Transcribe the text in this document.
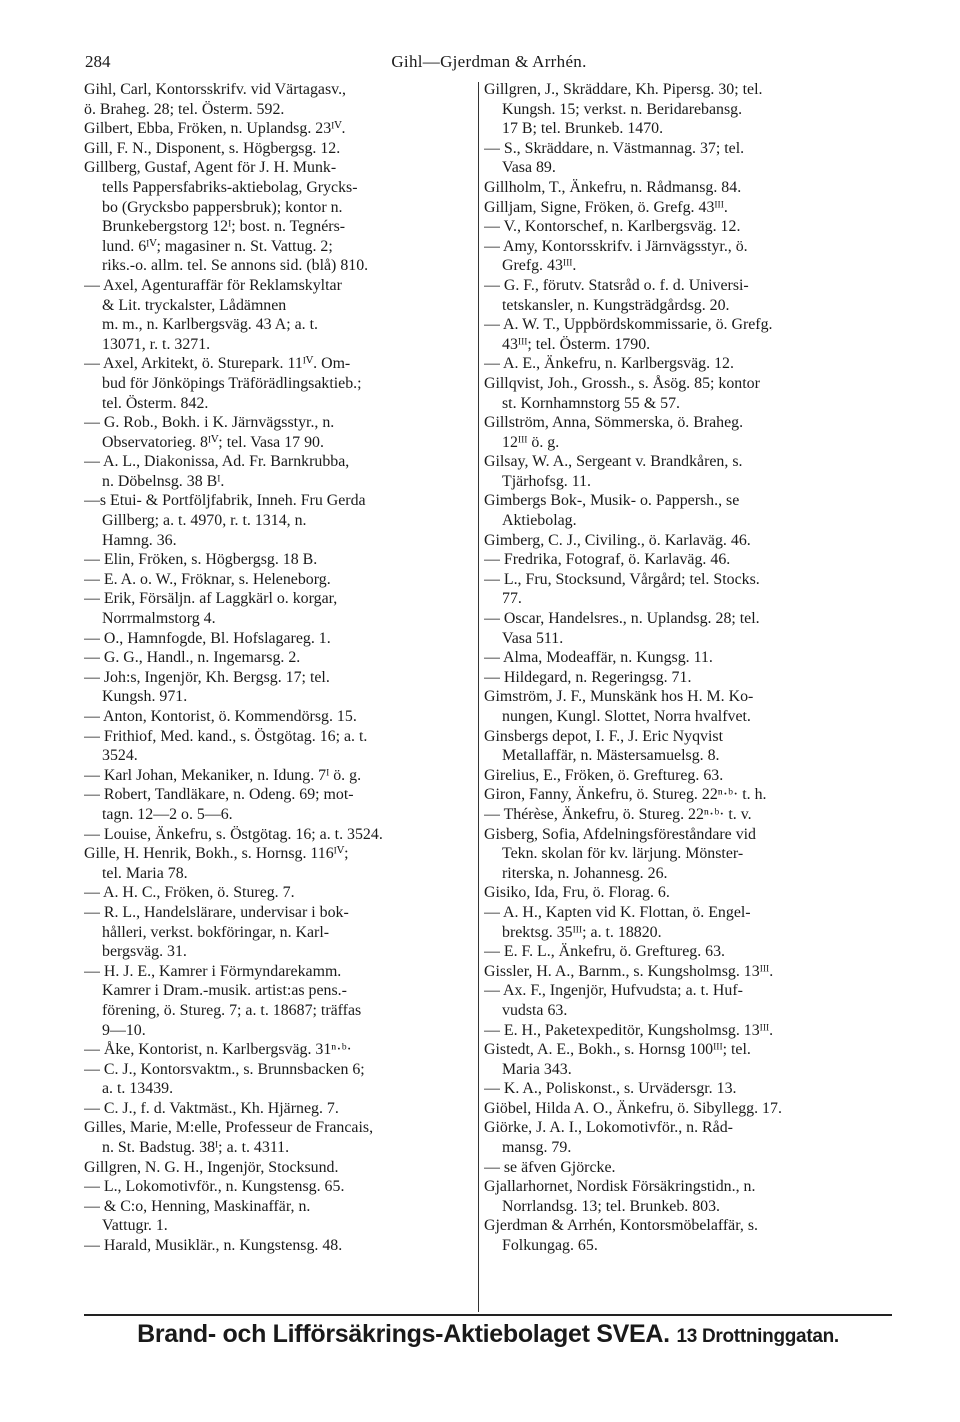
284	Gihl—Gjerdman & Arrhén.
Gihl, Carl, Kontorsskrifv. vid Värtagasv.,
ö. Braheg. 28; tel. Österm. 592.
Gilbert, Ebba, Fröken, n. Uplandsg. 23ᴵⱽ.
Gill, F. N., Disponent, s. Högbergsg. 12.
Gillberg, Gustaf, Agent för J. H. Munk-
tells Pappersfabriks-aktiebolag, Grycks-
bo (Grycksbo pappersbruk); kontor n.
Brunkebergstorg 12ᴵ; bost. n. Tegnérs-
lund. 6ᴵⱽ; magasiner n. St. Vattug. 2;
riks.-o. allm. tel. Se annons sid. (blå) 810.
— Axel, Agenturaffär för Reklamskyltar
& Lit. tryckalster, Lådämnen
m. m., n. Karlbergsväg. 43 A; a. t.
13071, r. t. 3271.
— Axel, Arkitekt, ö. Sturepark. 11ᴵⱽ. Om-
bud för Jönköpings Träförädlingsaktieb.;
tel. Österm. 842.
— G. Rob., Bokh. i K. Järnvägsstyr., n.
Observatorieg. 8ᴵⱽ; tel. Vasa 17 90.
— A. L., Diakonissa, Ad. Fr. Barnkrubba,
n. Döbelnsg. 38 Bᴵ.
—s Etui- & Portföljfabrik, Inneh. Fru Gerda
Gillberg; a. t. 4970, r. t. 1314, n.
Hamng. 36.
— Elin, Fröken, s. Högbergsg. 18 B.
— E. A. o. W., Fröknar, s. Heleneborg.
— Erik, Försäljn. af Laggkärl o. korgar,
Norrmalmstorg 4.
— O., Hamnfogde, Bl. Hofslagareg. 1.
— G. G., Handl., n. Ingemarsg. 2.
— Joh:s, Ingenjör, Kh. Bergsg. 17; tel.
Kungsh. 971.
— Anton, Kontorist, ö. Kommendörsg. 15.
— Frithiof, Med. kand., s. Östgötag. 16; a. t.
3524.
— Karl Johan, Mekaniker, n. Idung. 7ᴵ ö. g.
— Robert, Tandläkare, n. Odeng. 69; mot-
tagn. 12—2 o. 5—6.
— Louise, Änkefru, s. Östgötag. 16; a. t. 3524.
Gille, H. Henrik, Bokh., s. Hornsg. 116ᴵⱽ;
tel. Maria 78.
— A. H. C., Fröken, ö. Stureg. 7.
— R. L., Handelslärare, undervisar i bok-
hålleri, verkst. bokföringar, n. Karl-
bergsväg. 31.
— H. J. E., Kamrer i Förmyndarekamm.
Kamrer i Dram.-musik. artist:as pens.-
förening, ö. Stureg. 7; a. t. 18687; träffas
9—10.
— Åke, Kontorist, n. Karlbergsväg. 31ⁿ·ᵇ·
— C. J., Kontorsvaktm., s. Brunnsbacken 6;
a. t. 13439.
— C. J., f. d. Vaktmäst., Kh. Hjärneg. 7.
Gilles, Marie, M:elle, Professeur de Francais,
n. St. Badstug. 38ᴵ; a. t. 4311.
Gillgren, N. G. H., Ingenjör, Stocksund.
— L., Lokomotivför., n. Kungstensg. 65.
— & C:o, Henning, Maskinaffär, n.
Vattugr. 1.
— Harald, Musiklär., n. Kungstensg. 48.
Gillgren, J., Skräddare, Kh. Pipersg. 30; tel.
Kungsh. 15; verkst. n. Beridarebansg.
17 B; tel. Brunkeb. 1470.
— S., Skräddare, n. Västmannag. 37; tel.
Vasa 89.
Gillholm, T., Änkefru, n. Rådmansg. 84.
Gilljam, Signe, Fröken, ö. Grefg. 43ᴵᴵᴵ.
— V., Kontorschef, n. Karlbergsväg. 12.
— Amy, Kontorsskrifv. i Järnvägsstyr., ö.
Grefg. 43ᴵᴵᴵ.
— G. F., förutv. Statsråd o. f. d. Universi-
tetskansler, n. Kungsträdgårdsg. 20.
— A. W. T., Uppbördskommissarie, ö. Grefg.
43ᴵᴵᴵ; tel. Österm. 1790.
— A. E., Änkefru, n. Karlbergsväg. 12.
Gillqvist, Joh., Grossh., s. Åsög. 85; kontor
st. Kornhamnstorg 55 & 57.
Gillström, Anna, Sömmerska, ö. Braheg.
12ᴵᴵᴵ ö. g.
Gilsay, W. A., Sergeant v. Brandkåren, s.
Tjärhofsg. 11.
Gimbergs Bok-, Musik- o. Pappersh., se
Aktiebolag.
Gimberg, C. J., Civiling., ö. Karlaväg. 46.
— Fredrika, Fotograf, ö. Karlaväg. 46.
— L., Fru, Stocksund, Vårgård; tel. Stocks.
77.
— Oscar, Handelsres., n. Uplandsg. 28; tel.
Vasa 511.
— Alma, Modeaffär, n. Kungsg. 11.
— Hildegard, n. Regeringsg. 71.
Gimström, J. F., Munskänk hos H. M. Ko-
nungen, Kungl. Slottet, Norra hvalfvet.
Ginsbergs depot, I. F., J. Eric Nyqvist
Metallaffär, n. Mästersamuelsg. 8.
Girelius, E., Fröken, ö. Greftureg. 63.
Giron, Fanny, Änkefru, ö. Stureg. 22ⁿ·ᵇ· t. h.
— Thérèse, Änkefru, ö. Stureg. 22ⁿ·ᵇ· t. v.
Gisberg, Sofia, Afdelningsföreståndare vid
Tekn. skolan för kv. lärjung. Mönster-
riterska, n. Johannesg. 26.
Gisiko, Ida, Fru, ö. Florag. 6.
— A. H., Kapten vid K. Flottan, ö. Engel-
brektsg. 35ᴵᴵᴵ; a. t. 18820.
— E. F. L., Änkefru, ö. Greftureg. 63.
Gissler, H. A., Barnm., s. Kungsholmsg. 13ᴵᴵᴵ.
— Ax. F., Ingenjör, Hufvudsta; a. t. Huf-
vudsta 63.
— E. H., Paketexpeditör, Kungsholmsg. 13ᴵᴵᴵ.
Gistedt, A. E., Bokh., s. Hornsg 100ᴵᴵᴵ; tel.
Maria 343.
— K. A., Poliskonst., s. Urvädersgr. 13.
Giöbel, Hilda A. O., Änkefru, ö. Sibyllegg. 17.
Giörke, J. A. I., Lokomotivför., n. Råd-
mansg. 79.
— se äfven Gjörcke.
Gjallarhornet, Nordisk Försäkringstidn., n.
Norrlandsg. 13; tel. Brunkeb. 803.
Gjerdman & Arrhén, Kontorsmöbelaffär, s.
Folkungag. 65.
Brand- och Lifförsäkrings-Aktiebolaget SVEA. 13 Drottninggatan.
